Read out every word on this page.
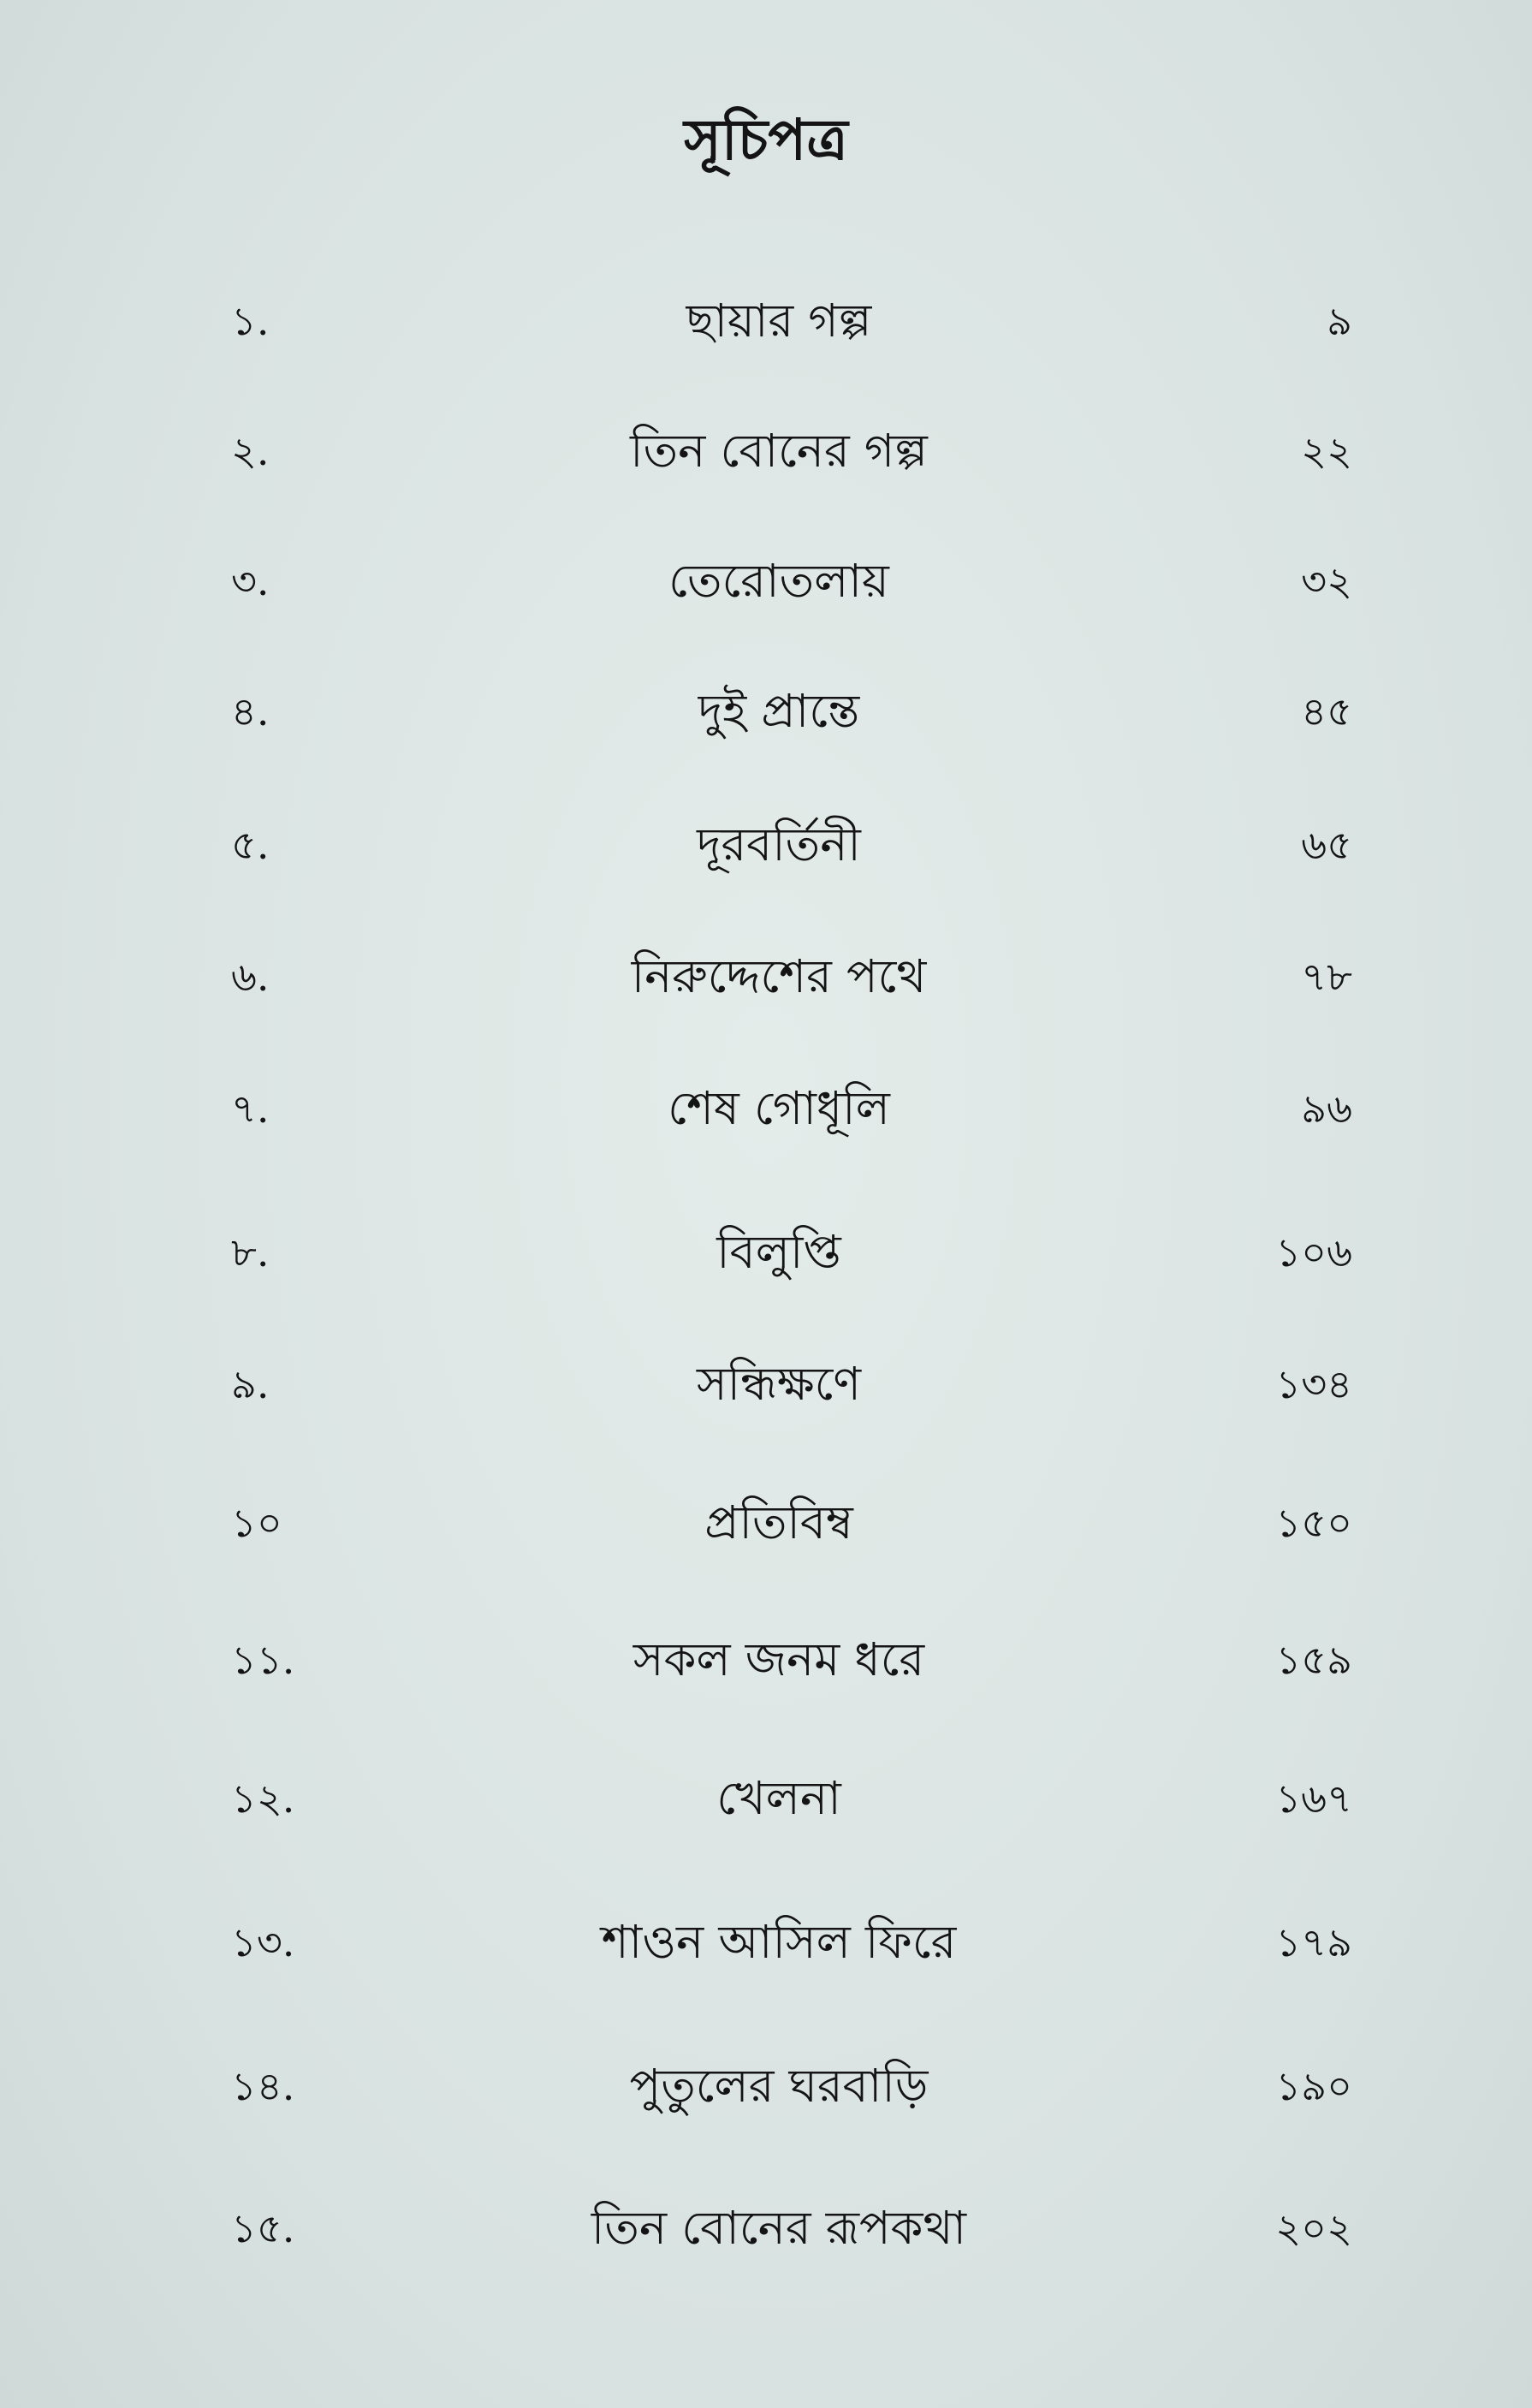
সূচিপত্র
১.	ছায়ার গল্প	৯
২.	তিন বোনের গল্প	২২
৩.	তেরোতলায়	৩২
৪.	দুই প্রান্তে	৪৫
৫.	দূরবর্তিনী	৬৫
৬.	নিরুদ্দেশের পথে	৭৮
৭.	শেষ গোধূলি	৯৬
৮.	বিলুপ্তি	১০৬
৯.	সন্ধিক্ষণে	১৩৪
১০	প্রতিবিম্ব	১৫০
১১.	সকল জনম ধরে	১৫৯
১২.	খেলনা	১৬৭
১৩.	শাওন আসিল ফিরে	১৭৯
১৪.	পুতুলের ঘরবাড়ি	১৯০
১৫.	তিন বোনের রূপকথা	২০২
